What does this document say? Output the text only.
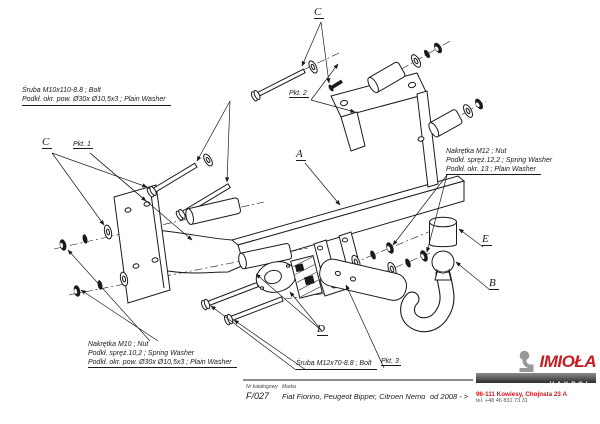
Śruba M10x110-8.8 ; Bolt
Podkł. okr. pow. Ø30x Ø10,5x3 ; Plain Washer
Nakrętka M12 ; Nut
Podkł. spręż.12,2 ; Spring Washer
Podkł. okr. 13 ; Plain Washer
Nakrętka M10 ; Nut
Podkł. spręż.10,2 ; Spring Washer
Podkł. okr. pow. Ø30x Ø10,5x3 ; Plain Washer	Śruba M12x70-8.8 ; Bolt
Pkt. 1
Pkt. 2
Pkt. 3
A
B
C
C
D
E
Nr katalogowy Marka
F/027 Fiat Fiorino, Peugeot Bipper, Citroen Nemo od 2008 - >
IMIOŁA
HAKPOL
96-111 Kowiesy, Chojnata 23 A
tel. +48 46 831 73 31
